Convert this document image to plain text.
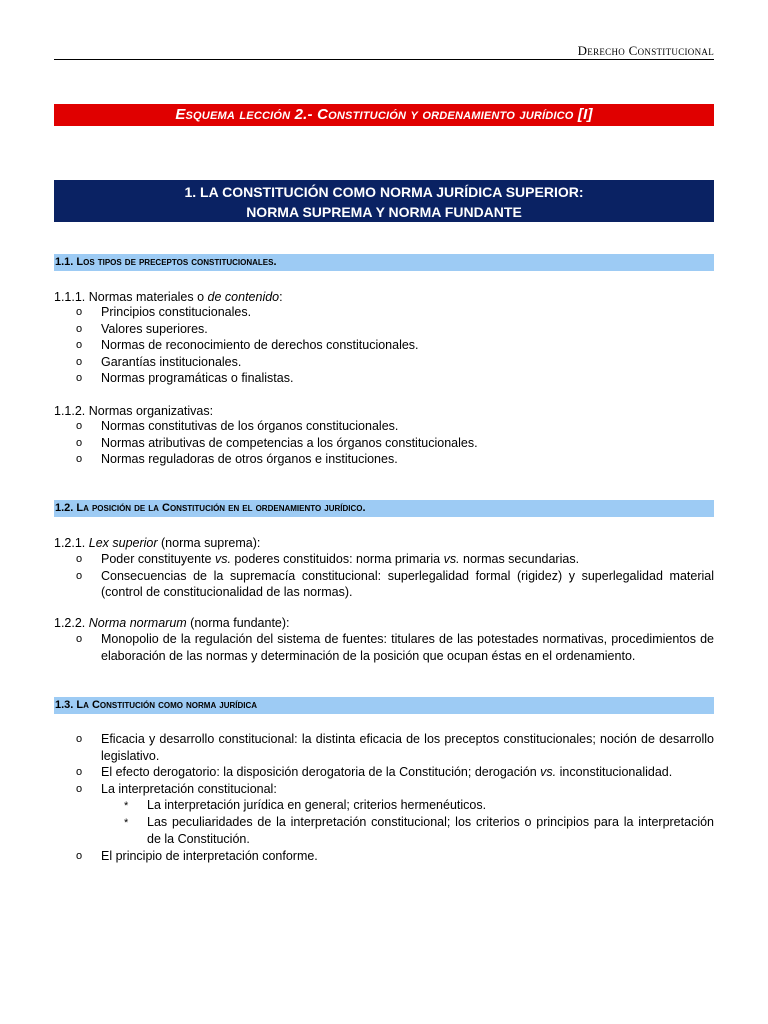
Derecho Constitucional
Esquema lección 2.- Constitución y ordenamiento jurídico [I]
1. LA CONSTITUCIÓN COMO NORMA JURÍDICA SUPERIOR:
NORMA SUPREMA Y NORMA FUNDANTE
1.1. Los tipos de preceptos constitucionales.
1.1.1. Normas materiales o de contenido:
o Principios constitucionales.
o Valores superiores.
o Normas de reconocimiento de derechos constitucionales.
o Garantías institucionales.
o Normas programáticas o finalistas.
1.1.2. Normas organizativas:
o Normas constitutivas de los órganos constitucionales.
o Normas atributivas de competencias a los órganos constitucionales.
o Normas reguladoras de otros órganos e instituciones.
1.2. La posición de la Constitución en el ordenamiento jurídico.
1.2.1. Lex superior (norma suprema):
o Poder constituyente vs. poderes constituidos: norma primaria vs. normas secundarias.
o Consecuencias de la supremacía constitucional: superlegalidad formal (rigidez) y superlegalidad material (control de constitucionalidad de las normas).
1.2.2. Norma normarum (norma fundante):
o Monopolio de la regulación del sistema de fuentes: titulares de las potestades normativas, procedimientos de elaboración de las normas y determinación de la posición que ocupan éstas en el ordenamiento.
1.3. La Constitución como norma jurídica
o Eficacia y desarrollo constitucional: la distinta eficacia de los preceptos constitucionales; noción de desarrollo legislativo.
o El efecto derogatorio: la disposición derogatoria de la Constitución; derogación vs. inconstitucionalidad.
o La interpretación constitucional:
* La interpretación jurídica en general; criterios hermenéuticos.
* Las peculiaridades de la interpretación constitucional; los criterios o principios para la interpretación de la Constitución.
o El principio de interpretación conforme.
